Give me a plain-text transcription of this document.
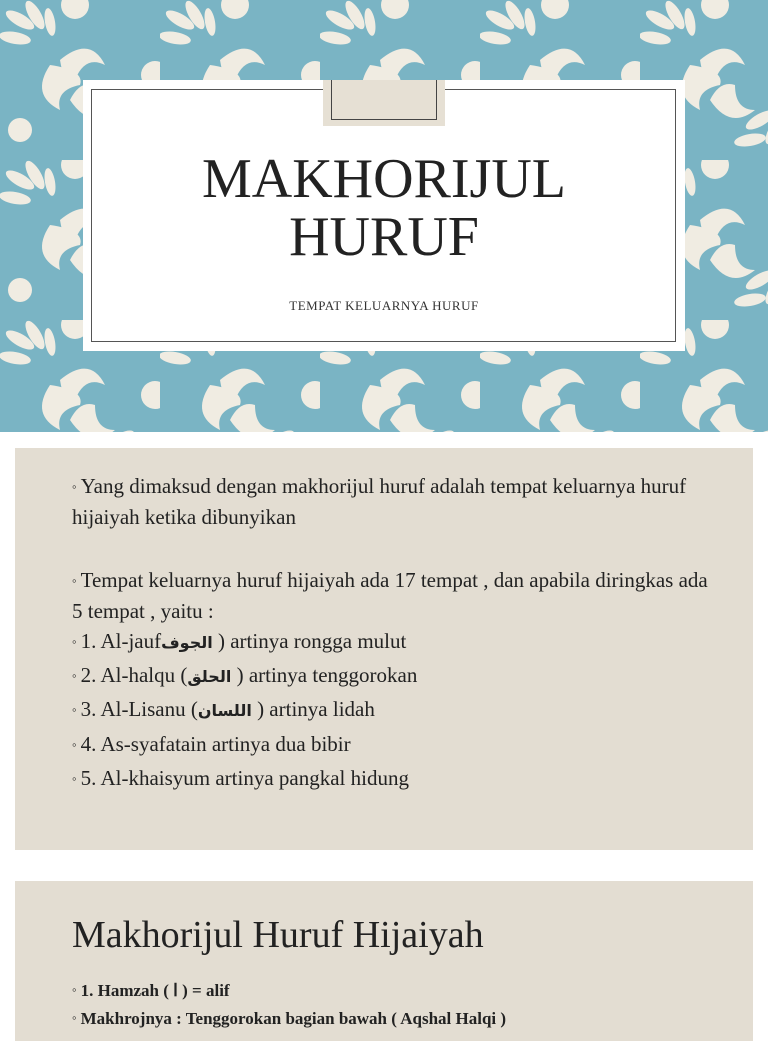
MAKHORIJUL
HURUF
TEMPAT KELUARNYA HURUF
◦ Yang dimaksud dengan makhorijul huruf adalah tempat keluarnya huruf hijaiyah ketika dibunyikan
◦ Tempat keluarnya huruf hijaiyah ada 17 tempat , dan apabila diringkas ada 5 tempat , yaitu :
◦ 1. Al-jaufالجوف ) artinya rongga mulut
◦ 2. Al-halqu (الحلق ) artinya tenggorokan
◦ 3. Al-Lisanu (اللسان ) artinya lidah
◦ 4. As-syafatain artinya dua bibir
◦ 5. Al-khaisyum artinya pangkal hidung
Makhorijul Huruf Hijaiyah
◦ 1. Hamzah ( ا ) = alif
◦ Makhrojnya : Tenggorokan bagian bawah ( Aqshal Halqi )
